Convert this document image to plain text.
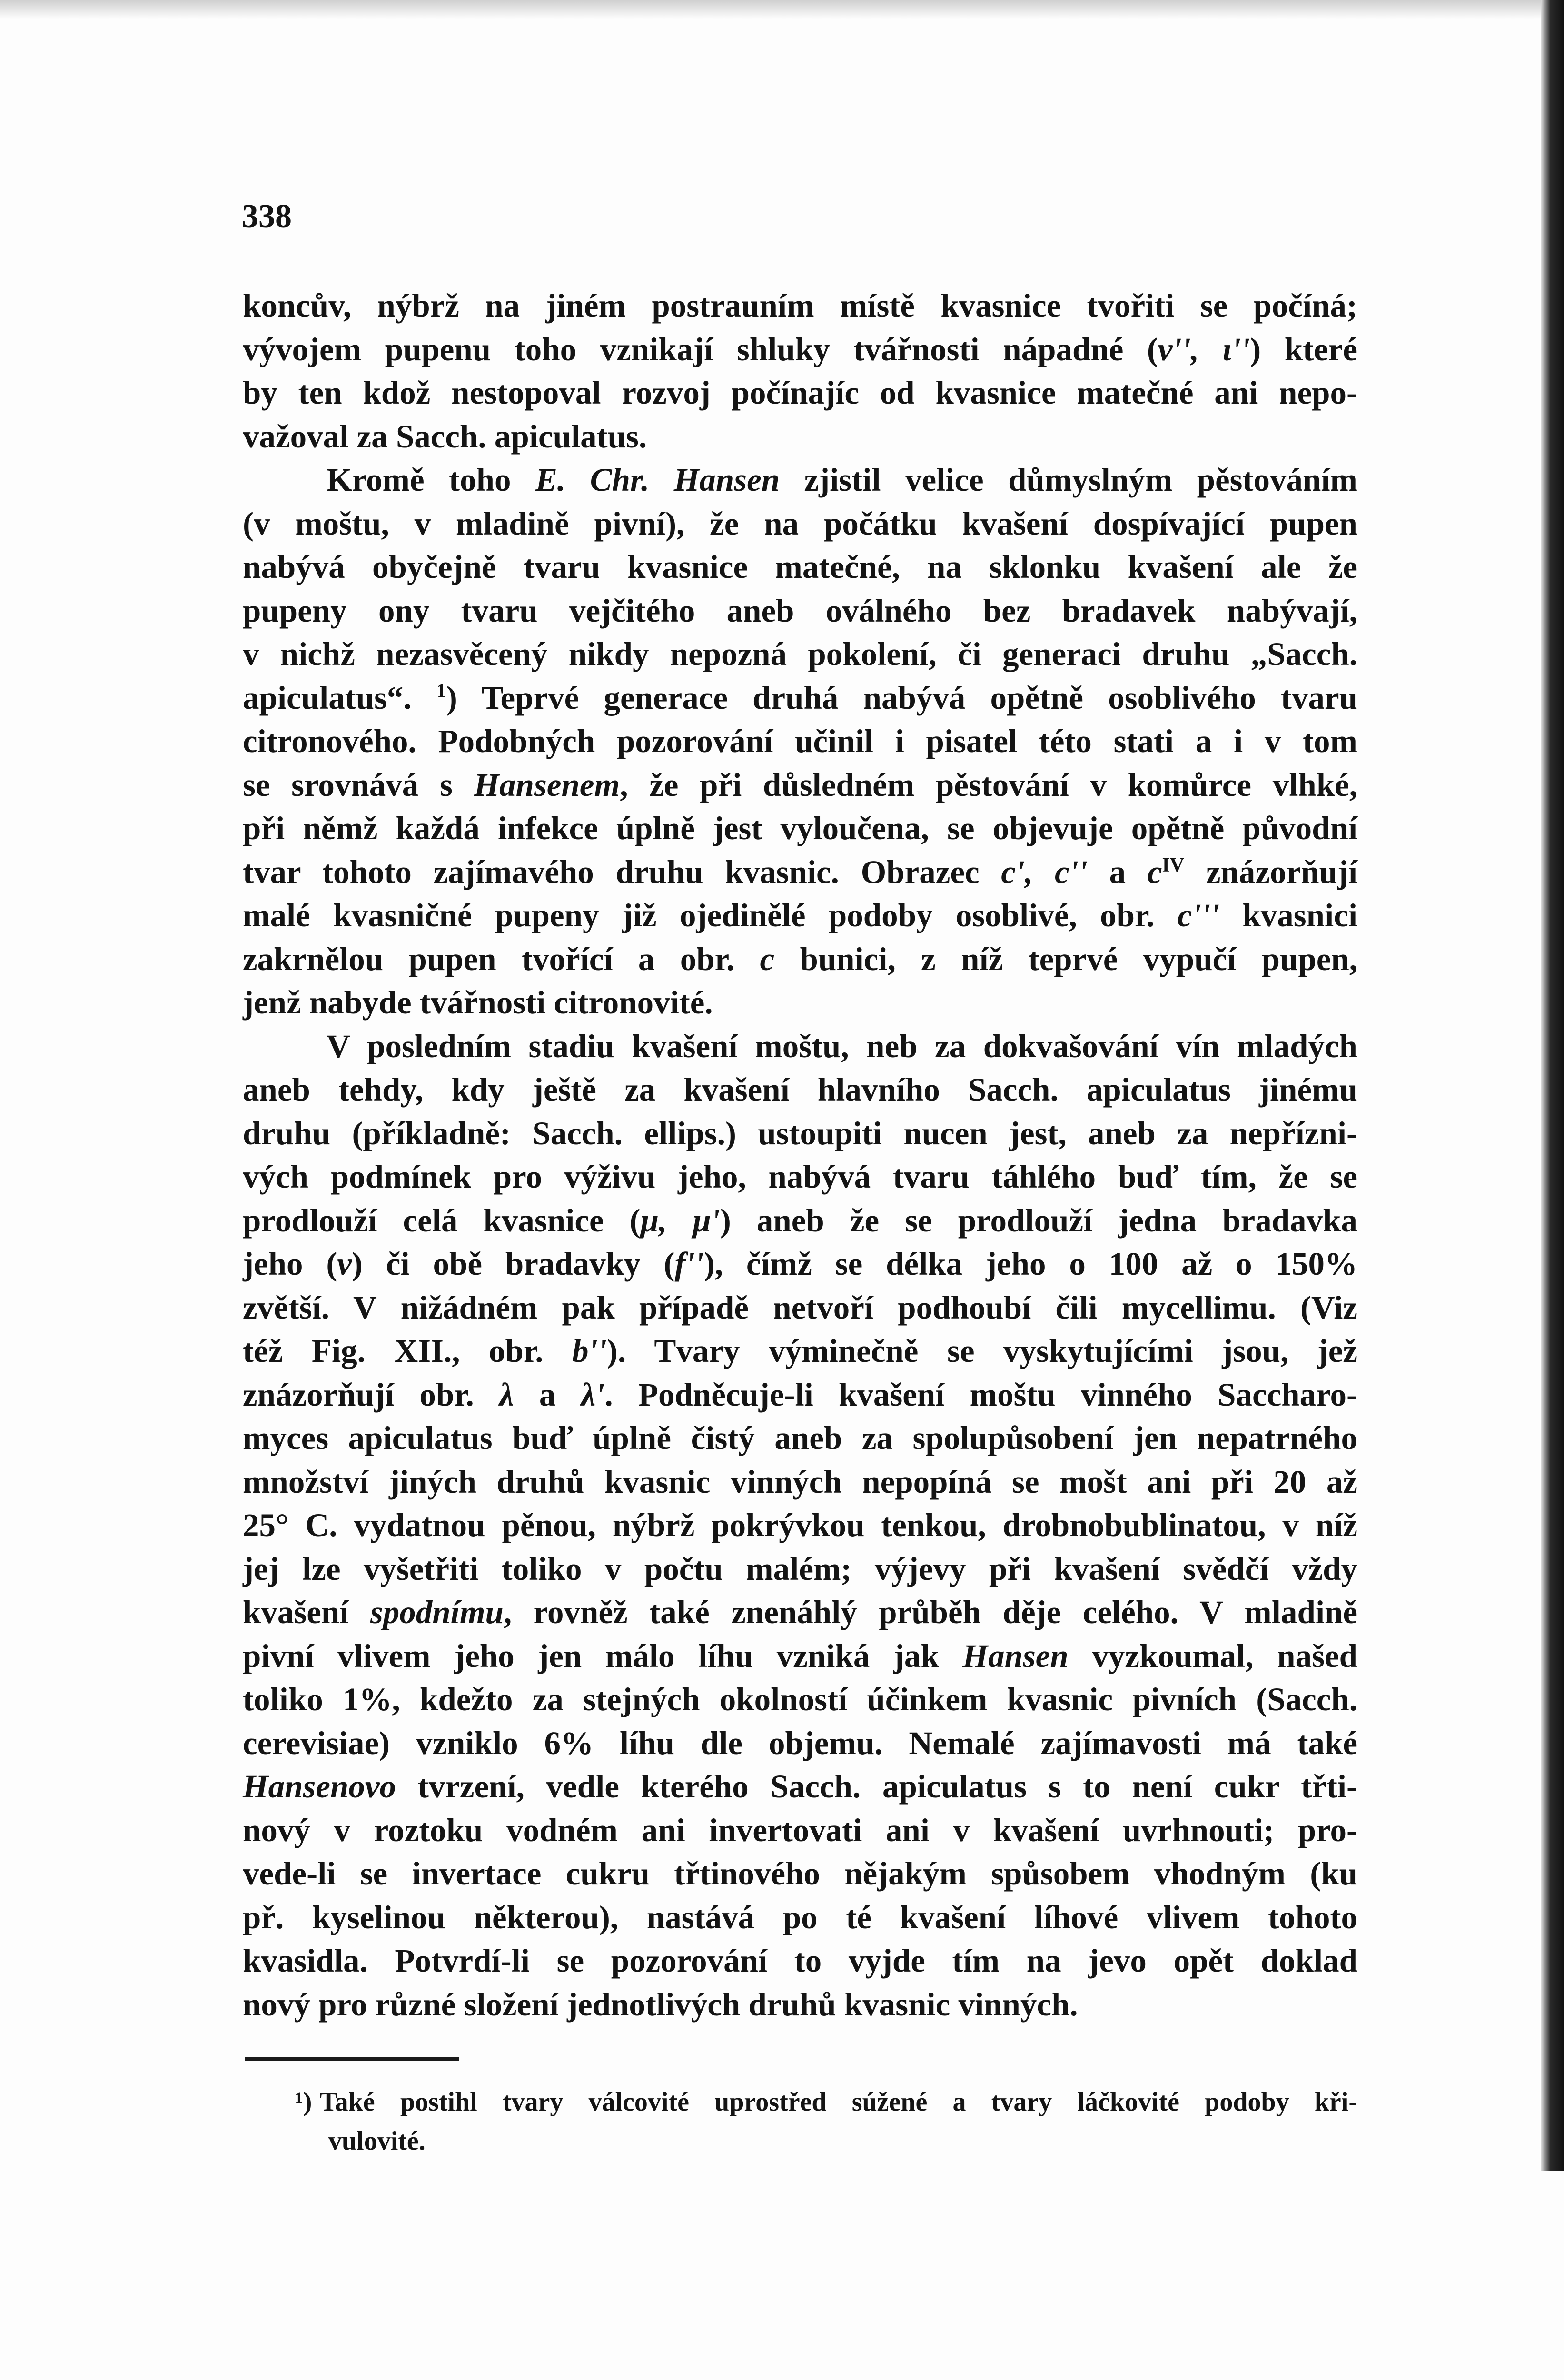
338
koncův, nýbrž na jiném postrauním místě kvasnice tvořiti se počíná;
vývojem pupenu toho vznikají shluky tvářnosti nápadné (v'', ι'') které
by ten kdož nestopoval rozvoj počínajíc od kvasnice matečné ani nepo-
važoval za Sacch. apiculatus.
Kromě toho E. Chr. Hansen zjistil velice důmyslným pěstováním
(v moštu, v mladině pivní), že na počátku kvašení dospívající pupen
nabývá obyčejně tvaru kvasnice matečné, na sklonku kvašení ale že
pupeny ony tvaru vejčitého aneb oválného bez bradavek nabývají,
v nichž nezasvěcený nikdy nepozná pokolení, či generaci druhu „Sacch.
apiculatus“. $^1$) Teprvé generace druhá nabývá opětně osoblivého tvaru
citronového. Podobných pozorování učinil i pisatel této stati a i v tom
se srovnává s Hansenem, že při důsledném pěstování v komůrce vlhké,
při němž každá infekce úplně jest vyloučena, se objevuje opětně původní
tvar tohoto zajímavého druhu kvasnic. Obrazec c', c'' a $c^{IV}$ znázorňují
malé kvasničné pupeny již ojedinělé podoby osoblivé, obr. c''' kvasnici
zakrnělou pupen tvořící a obr. c bunici, z níž teprvé vypučí pupen,
jenž nabyde tvářnosti citronovité.
V posledním stadiu kvašení moštu, neb za dokvašování vín mladých
aneb tehdy, kdy ještě za kvašení hlavního Sacch. apiculatus jinému
druhu (příkladně: Sacch. ellips.) ustoupiti nucen jest, aneb za nepřízni-
vých podmínek pro výživu jeho, nabývá tvaru táhlého buď tím, že se
prodlouží celá kvasnice (μ, μ') aneb že se prodlouží jedna bradavka
jeho (v) či obě bradavky (f''), čímž se délka jeho o 100 až o 150%
zvětší. V nižádném pak případě netvoří podhoubí čili mycellimu. (Viz
též Fig. XII., obr. b''). Tvary výminečně se vyskytujícími jsou, jež
znázorňují obr. λ a λ'. Podněcuje-li kvašení moštu vinného Saccharo-
myces apiculatus buď úplně čistý aneb za spolupůsobení jen nepatrného
množství jiných druhů kvasnic vinných nepopíná se mošt ani při 20 až
25° C. vydatnou pěnou, nýbrž pokrývkou tenkou, drobnobublinatou, v níž
jej lze vyšetřiti toliko v počtu malém; výjevy při kvašení svědčí vždy
kvašení spodnímu, rovněž také znenáhlý průběh děje celého. V mladině
pivní vlivem jeho jen málo líhu vzniká jak Hansen vyzkoumal, našed
toliko 1%, kdežto za stejných okolností účinkem kvasnic pivních (Sacch.
cerevisiae) vzniklo 6% líhu dle objemu. Nemalé zajímavosti má také
Hansenovo tvrzení, vedle kterého Sacch. apiculatus s to není cukr třti-
nový v roztoku vodném ani invertovati ani v kvašení uvrhnouti; pro-
vede-li se invertace cukru třtinového nějakým spůsobem vhodným (ku
př. kyselinou některou), nastává po té kvašení líhové vlivem tohoto
kvasidla. Potvrdí-li se pozorování to vyjde tím na jevo opět doklad
nový pro různé složení jednotlivých druhů kvasnic vinných.
¹) Také postihl tvary válcovité uprostřed súžené a tvary láčkovité podoby kři-
vulovité.
